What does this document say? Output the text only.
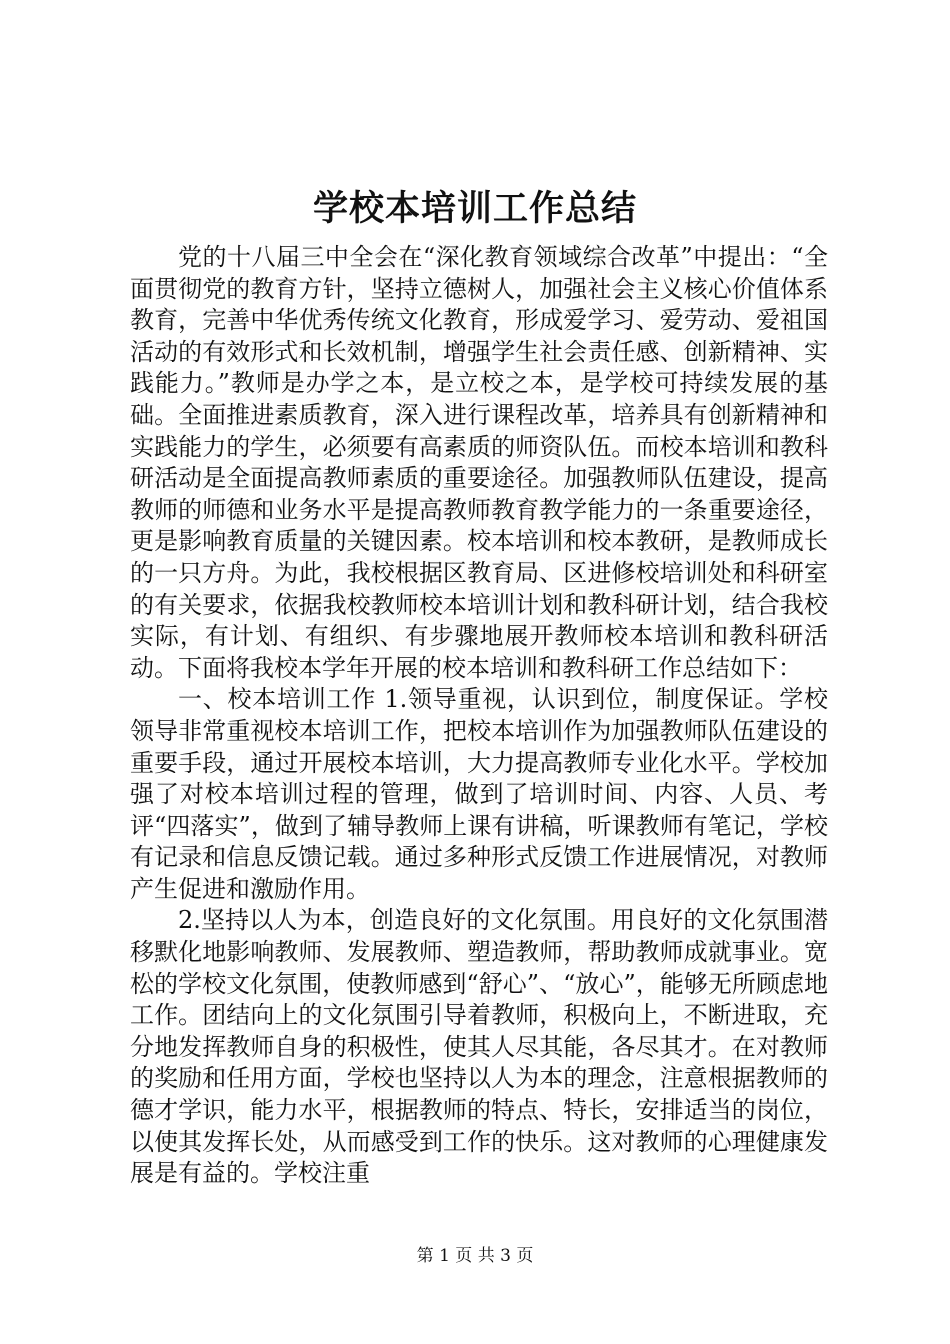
学校本培训工作总结

党的十八届三中全会在“深化教育领域综合改革”中提出：“全面贯彻党的教育方针，坚持立德树人，加强社会主义核心价值体系教育，完善中华优秀传统文化教育，形成爱学习、爱劳动、爱祖国活动的有效形式和长效机制，增强学生社会责任感、创新精神、实践能力。”教师是办学之本，是立校之本，是学校可持续发展的基础。全面推进素质教育，深入进行课程改革，培养具有创新精神和实践能力的学生，必须要有高素质的师资队伍。而校本培训和教科研活动是全面提高教师素质的重要途径。加强教师队伍建设，提高教师的师德和业务水平是提高教师教育教学能力的一条重要途径，更是影响教育质量的关键因素。校本培训和校本教研，是教师成长的一只方舟。为此，我校根据区教育局、区进修校培训处和科研室的有关要求，依据我校教师校本培训计划和教科研计划，结合我校实际，有计划、有组织、有步骤地展开教师校本培训和教科研活动。下面将我校本学年开展的校本培训和教科研工作总结如下：

一、校本培训工作 1.领导重视，认识到位，制度保证。学校领导非常重视校本培训工作，把校本培训作为加强教师队伍建设的重要手段，通过开展校本培训，大力提高教师专业化水平。学校加强了对校本培训过程的管理，做到了培训时间、内容、人员、考评“四落实”，做到了辅导教师上课有讲稿，听课教师有笔记，学校有记录和信息反馈记载。通过多种形式反馈工作进展情况，对教师产生促进和激励作用。

2.坚持以人为本，创造良好的文化氛围。用良好的文化氛围潜移默化地影响教师、发展教师、塑造教师，帮助教师成就事业。宽松的学校文化氛围，使教师感到“舒心”、“放心”，能够无所顾虑地工作。团结向上的文化氛围引导着教师，积极向上，不断进取，充分地发挥教师自身的积极性，使其人尽其能，各尽其才。在对教师的奖励和任用方面，学校也坚持以人为本的理念，注意根据教师的德才学识，能力水平，根据教师的特点、特长，安排适当的岗位，以使其发挥长处，从而感受到工作的快乐。这对教师的心理健康发展是有益的。学校注重

第 1 页 共 3 页
